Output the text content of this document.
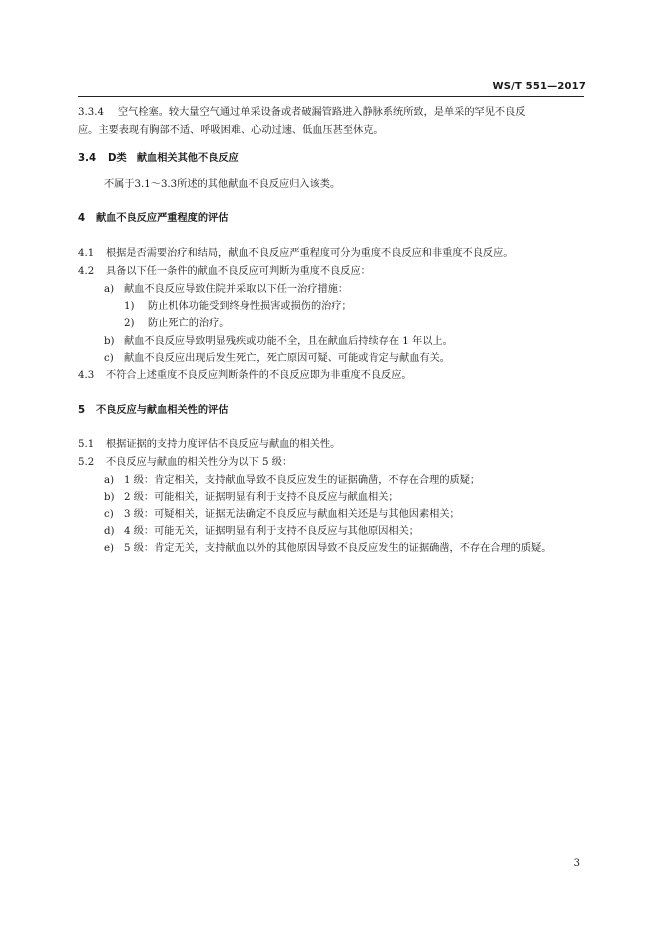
WS/T 551—2017
3.3.4 空气栓塞。较大量空气通过单采设备或者破漏管路进入静脉系统所致，是单采的罕见不良反
应。主要表现有胸部不适、呼吸困难、心动过速、低血压甚至休克。
3.4 D类　献血相关其他不良反应
不属于3.1～3.3所述的其他献血不良反应归入该类。
4 献血不良反应严重程度的评估
4.1 根据是否需要治疗和结局，献血不良反应严重程度可分为重度不良反应和非重度不良反应。
4.2 具备以下任一条件的献血不良反应可判断为重度不良反应：
a) 献血不良反应导致住院并采取以下任一治疗措施：
1) 防止机体功能受到终身性损害或损伤的治疗；
2) 防止死亡的治疗。
b) 献血不良反应导致明显残疾或功能不全，且在献血后持续存在 1 年以上。
c) 献血不良反应出现后发生死亡，死亡原因可疑、可能或肯定与献血有关。
4.3 不符合上述重度不良反应判断条件的不良反应即为非重度不良反应。
5 不良反应与献血相关性的评估
5.1 根据证据的支持力度评估不良反应与献血的相关性。
5.2 不良反应与献血的相关性分为以下 5 级：
a) 1 级：肯定相关，支持献血导致不良反应发生的证据确凿，不存在合理的质疑；
b) 2 级：可能相关，证据明显有利于支持不良反应与献血相关；
c) 3 级：可疑相关，证据无法确定不良反应与献血相关还是与其他因素相关；
d) 4 级：可能无关，证据明显有利于支持不良反应与其他原因相关；
e) 5 级：肯定无关，支持献血以外的其他原因导致不良反应发生的证据确凿，不存在合理的质疑。
3
